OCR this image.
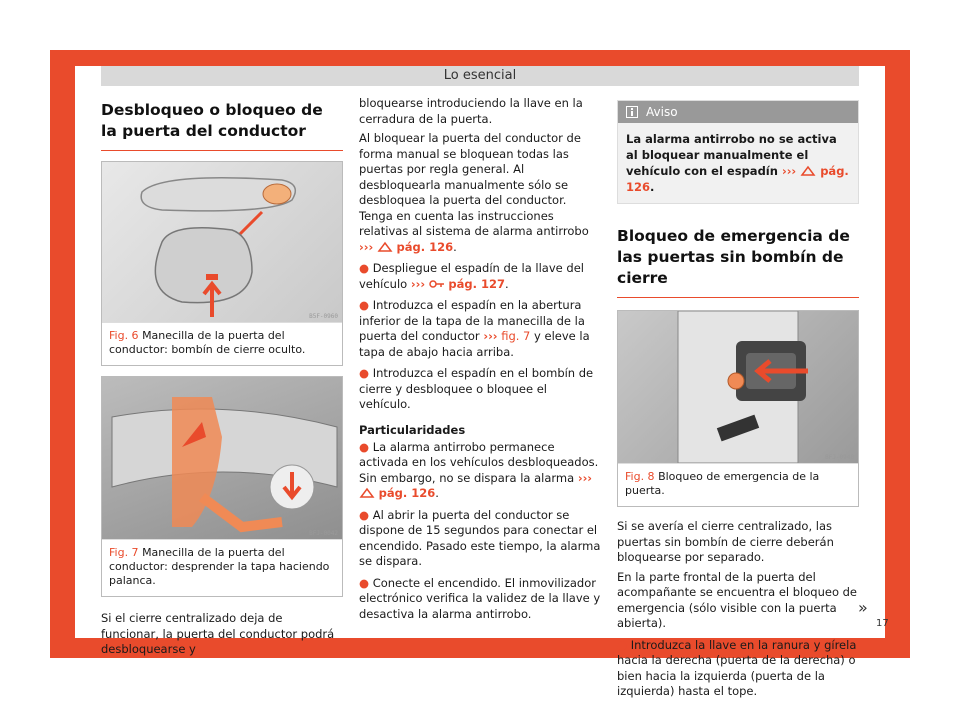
Lo esencial
Desbloqueo o bloqueo de la puerta del conductor
B5F-0960
Fig. 6 Manecilla de la puerta del conductor: bombín de cierre oculto.
BFJ-0042
Fig. 7 Manecilla de la puerta del conductor: desprender la tapa haciendo palanca.

Si el cierre centralizado deja de funcionar, la puerta del conductor podrá desbloquearse y

bloquearse introduciendo la llave en la cerradura de la puerta.

Al bloquear la puerta del conductor de forma manual se bloquean todas las puertas por regla general. Al desbloquearla manualmente sólo se desbloquea la puerta del conductor. Tenga en cuenta las instrucciones relativas al sistema de alarma antirrobo ››› pág. 126.

● Despliegue el espadín de la llave del vehículo ››› pág. 127.
● Introduzca el espadín en la abertura inferior de la tapa de la manecilla de la puerta del conductor ››› fig. 7 y eleve la tapa de abajo hacia arriba.
● Introduzca el espadín en el bombín de cierre y desbloquee o bloquee el vehículo.
Particularidades
● La alarma antirrobo permanece activada en los vehículos desbloqueados. Sin embargo, no se dispara la alarma ›››  pág. 126.
● Al abrir la puerta del conductor se dispone de 15 segundos para conectar el encendido. Pasado este tiempo, la alarma se dispara.
● Conecte el encendido. El inmovilizador electrónico verifica la validez de la llave y desactiva la alarma antirrobo.
Aviso
La alarma antirrobo no se activa al bloquear manualmente el vehículo con el espadín ››› pág. 126.
Bloqueo de emergencia de las puertas sin bombín de cierre
BFJ-0948
Fig. 8 Bloqueo de emergencia de la puerta.

Si se avería el cierre centralizado, las puertas sin bombín de cierre deberán bloquearse por separado.

En la parte frontal de la puerta del acompañante se encuentra el bloqueo de emergencia (sólo visible con la puerta abierta).

● Introduzca la llave en la ranura y gírela hacia la derecha (puerta de la derecha) o bien hacia la izquierda (puerta de la izquierda) hasta el tope.
»
17
